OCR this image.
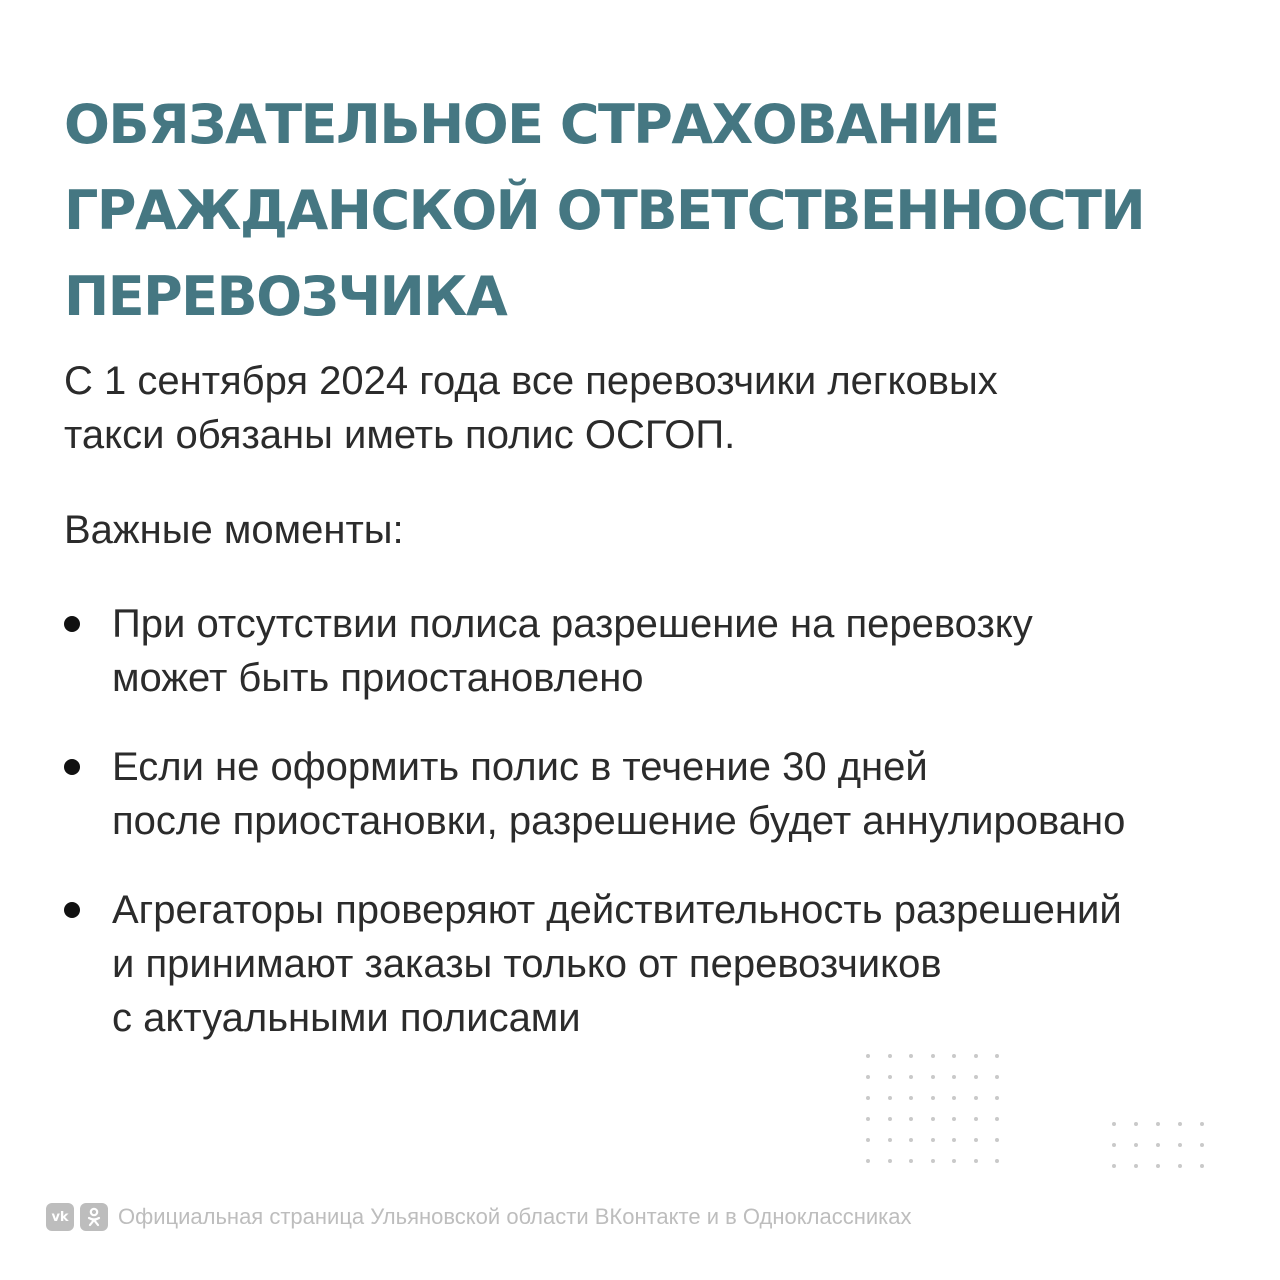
ОБЯЗАТЕЛЬНОЕ СТРАХОВАНИЕ
ГРАЖДАНСКОЙ ОТВЕТСТВЕННОСТИ
ПЕРЕВОЗЧИКА

С 1 сентября 2024 года все перевозчики легковых
такси обязаны иметь полис ОСГОП.

Важные моменты:

При отсутствии полиса разрешение на перевозку
может быть приостановлено
Если не оформить полис в течение 30 дней
после приостановки, разрешение будет аннулировано
Агрегаторы проверяют действительность разрешений
и принимают заказы только от перевозчиков
с актуальными полисами
vk Официальная страница Ульяновской области ВКонтакте и в Одноклассниках
